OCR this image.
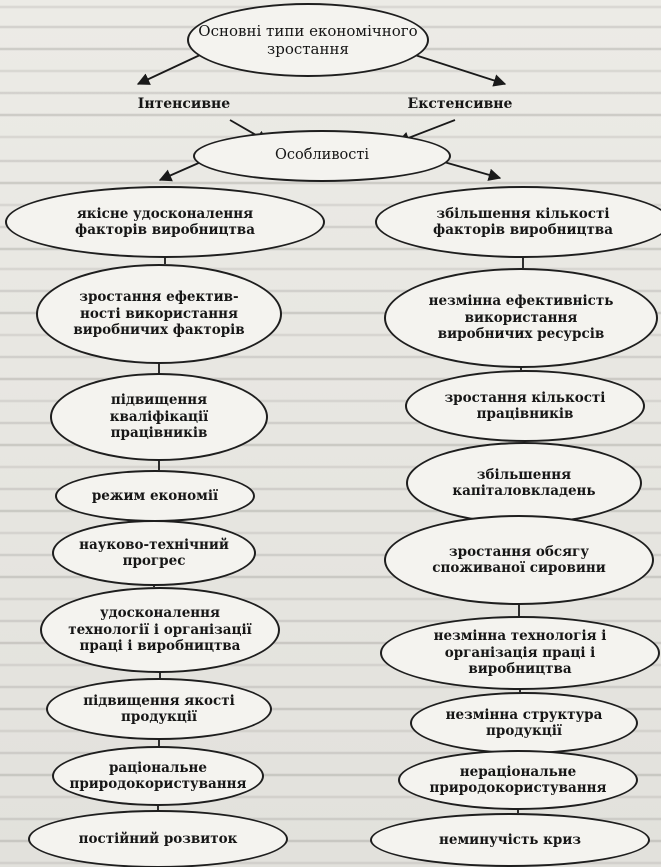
Основні типи економічного
зростання
Інтенсивне	Екстенсивне
Особливості
якісне удосконалення
факторів виробництва
зростання ефектив-
ності використання
виробничих факторів
підвищення
кваліфікації
працівників
режим економії
науково-технічний
прогрес
удосконалення
технології і організації
праці і виробництва
підвищення якості
продукції
раціональне
природокористування
постійний розвиток
збільшення кількості
факторів виробництва
незмінна ефективність
використання
виробничих ресурсів
зростання кількості
працівників
збільшення
капіталовкладень
зростання обсягу
споживаної сировини
незмінна технологія і
організація праці і
виробництва
незмінна структура
продукції
нераціональне
природокористування
неминучість криз
